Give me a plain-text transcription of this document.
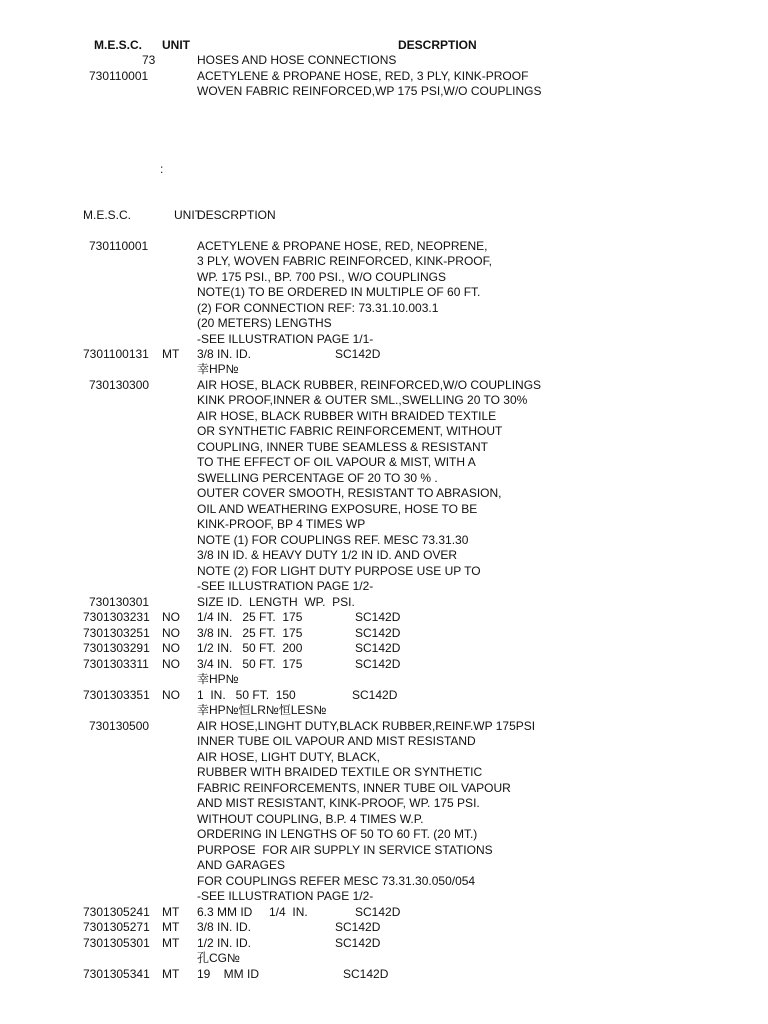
M.E.S.C. UNIT	DESCRPTION
73	HOSES AND HOSE CONNECTIONS
730110001	ACETYLENE & PROPANE HOSE, RED, 3 PLY, KINK-PROOF
WOVEN FABRIC REINFORCED,WP 175 PSI,W/O COUPLINGS
:
M.E.S.C.	UNIT
DESCRPTION
730110001	ACETYLENE & PROPANE HOSE, RED, NEOPRENE,
3 PLY, WOVEN FABRIC REINFORCED, KINK-PROOF,
WP. 175 PSI., BP. 700 PSI., W/O COUPLINGS
NOTE(1) TO BE ORDERED IN MULTIPLE OF 60 FT.
(2) FOR CONNECTION REF: 73.31.10.003.1
(20 METERS) LENGTHS
-SEE ILLUSTRATION PAGE 1/1-
7301100131 MT 3/8 IN. ID.	SC142D
幸HP№
730130300	AIR HOSE, BLACK RUBBER, REINFORCED,W/O COUPLINGS
KINK PROOF,INNER & OUTER SML.,SWELLING 20 TO 30%
AIR HOSE, BLACK RUBBER WITH BRAIDED TEXTILE
OR SYNTHETIC FABRIC REINFORCEMENT, WITHOUT
COUPLING, INNER TUBE SEAMLESS & RESISTANT
TO THE EFFECT OF OIL VAPOUR & MIST, WITH A
SWELLING PERCENTAGE OF 20 TO 30 % .
OUTER COVER SMOOTH, RESISTANT TO ABRASION,
OIL AND WEATHERING EXPOSURE, HOSE TO BE
KINK-PROOF, BP 4 TIMES WP
NOTE (1) FOR COUPLINGS REF. MESC 73.31.30
3/8 IN ID. & HEAVY DUTY 1/2 IN ID. AND OVER
NOTE (2) FOR LIGHT DUTY PURPOSE USE UP TO
-SEE ILLUSTRATION PAGE 1/2-
730130301	SIZE ID.  LENGTH  WP.  PSI.
7301303231 NO 1/4 IN.   25 FT.  175	SC142D
7301303251 NO 3/8 IN.   25 FT.  175	SC142D
7301303291 NO 1/2 IN.   50 FT.  200	SC142D
7301303311 NO 3/4 IN.   50 FT.  175	SC142D
幸HP№
7301303351 NO 1  IN.   50 FT.  150	SC142D
幸HP№恒LR№恒LES№
730130500	AIR HOSE,LINGHT DUTY,BLACK RUBBER,REINF.WP 175PSI
INNER TUBE OIL VAPOUR AND MIST RESISTAND
AIR HOSE, LIGHT DUTY, BLACK,
RUBBER WITH BRAIDED TEXTILE OR SYNTHETIC
FABRIC REINFORCEMENTS, INNER TUBE OIL VAPOUR
AND MIST RESISTANT, KINK-PROOF, WP. 175 PSI.
WITHOUT COUPLING, B.P. 4 TIMES W.P.
ORDERING IN LENGTHS OF 50 TO 60 FT. (20 MT.)
PURPOSE  FOR AIR SUPPLY IN SERVICE STATIONS
AND GARAGES
FOR COUPLINGS REFER MESC 73.31.30.050/054
-SEE ILLUSTRATION PAGE 1/2-
7301305241 MT 6.3 MM ID     1/4  IN.	SC142D
7301305271 MT 3/8 IN. ID.	SC142D
7301305301 MT 1/2 IN. ID.	SC142D
孔CG№
7301305341 MT 19    MM ID	SC142D
